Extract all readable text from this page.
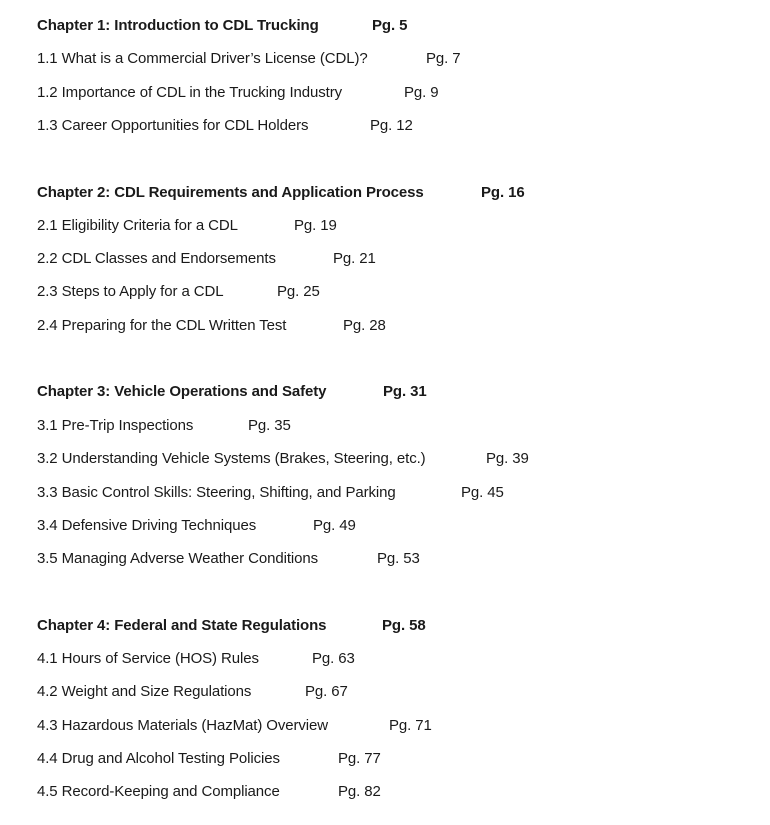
Chapter 1: Introduction to CDL Trucking	Pg. 5
1.1 What is a Commercial Driver’s License (CDL)?	Pg. 7
1.2 Importance of CDL in the Trucking Industry	Pg. 9
1.3 Career Opportunities for CDL Holders	Pg. 12
Chapter 2: CDL Requirements and Application Process	Pg. 16
2.1 Eligibility Criteria for a CDL	Pg. 19
2.2 CDL Classes and Endorsements	Pg. 21
2.3 Steps to Apply for a CDL	Pg. 25
2.4 Preparing for the CDL Written Test	Pg. 28
Chapter 3: Vehicle Operations and Safety	Pg. 31
3.1 Pre-Trip Inspections	Pg. 35
3.2 Understanding Vehicle Systems (Brakes, Steering, etc.)	Pg. 39
3.3 Basic Control Skills: Steering, Shifting, and Parking	Pg. 45
3.4 Defensive Driving Techniques	Pg. 49
3.5 Managing Adverse Weather Conditions	Pg. 53
Chapter 4: Federal and State Regulations	Pg. 58
4.1 Hours of Service (HOS) Rules	Pg. 63
4.2 Weight and Size Regulations	Pg. 67
4.3 Hazardous Materials (HazMat) Overview	Pg. 71
4.4 Drug and Alcohol Testing Policies	Pg. 77
4.5 Record-Keeping and Compliance	Pg. 82
